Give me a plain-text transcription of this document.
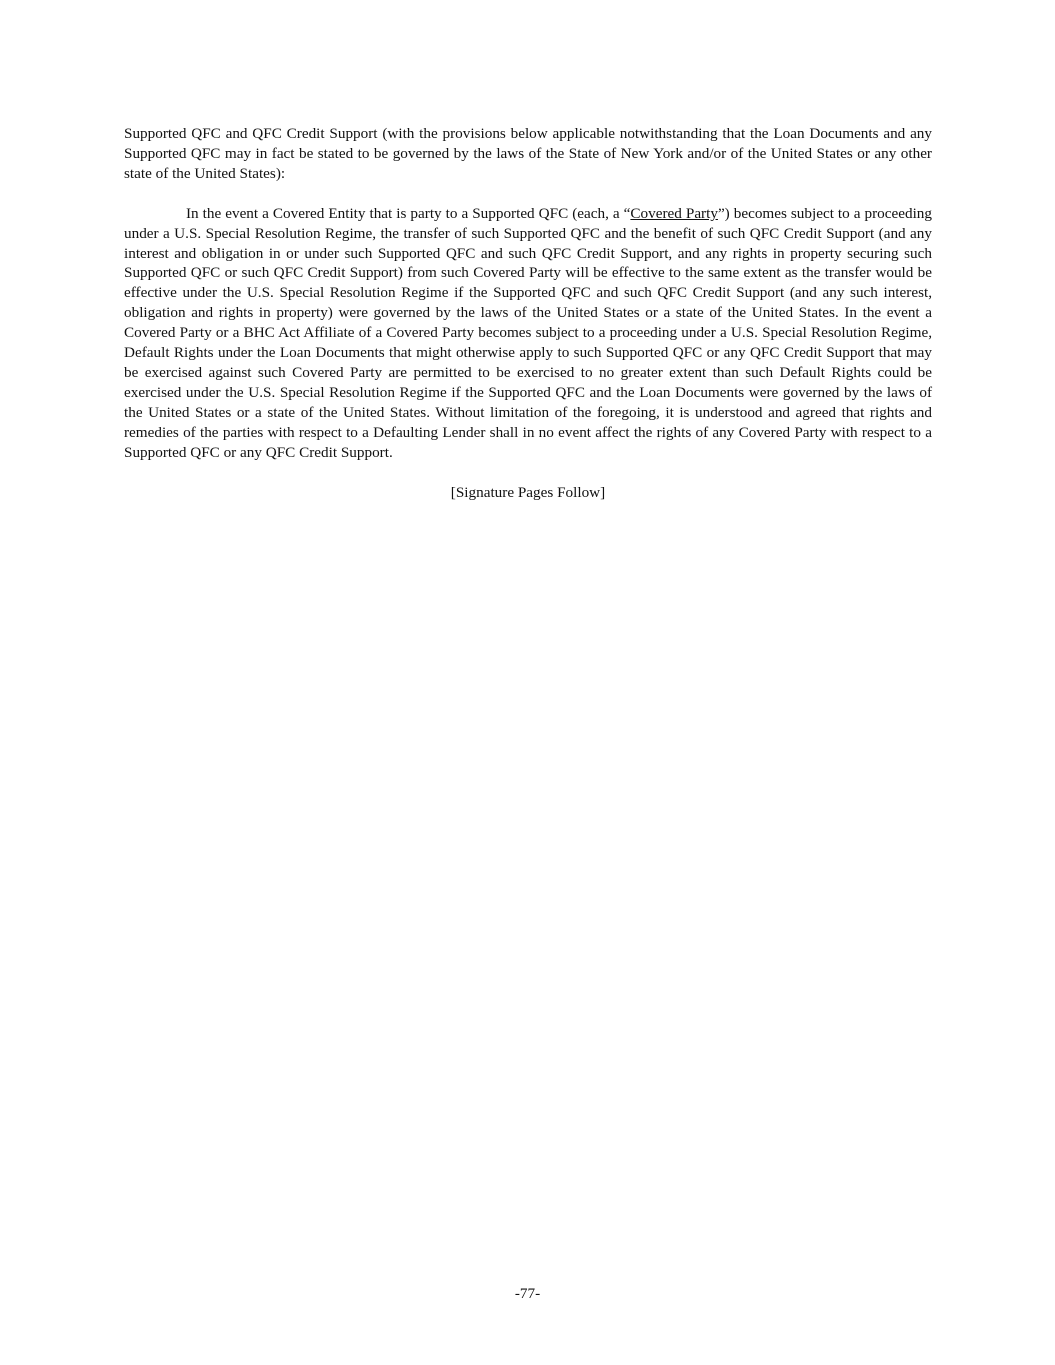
Supported QFC and QFC Credit Support (with the provisions below applicable notwithstanding that the Loan Documents and any Supported QFC may in fact be stated to be governed by the laws of the State of New York and/or of the United States or any other state of the United States):

In the event a Covered Entity that is party to a Supported QFC (each, a “Covered Party”) becomes subject to a proceeding under a U.S. Special Resolution Regime, the transfer of such Supported QFC and the benefit of such QFC Credit Support (and any interest and obligation in or under such Supported QFC and such QFC Credit Support, and any rights in property securing such Supported QFC or such QFC Credit Support) from such Covered Party will be effective to the same extent as the transfer would be effective under the U.S. Special Resolution Regime if the Supported QFC and such QFC Credit Support (and any such interest, obligation and rights in property) were governed by the laws of the United States or a state of the United States. In the event a Covered Party or a BHC Act Affiliate of a Covered Party becomes subject to a proceeding under a U.S. Special Resolution Regime, Default Rights under the Loan Documents that might otherwise apply to such Supported QFC or any QFC Credit Support that may be exercised against such Covered Party are permitted to be exercised to no greater extent than such Default Rights could be exercised under the U.S. Special Resolution Regime if the Supported QFC and the Loan Documents were governed by the laws of the United States or a state of the United States. Without limitation of the foregoing, it is understood and agreed that rights and remedies of the parties with respect to a Defaulting Lender shall in no event affect the rights of any Covered Party with respect to a Supported QFC or any QFC Credit Support.

[Signature Pages Follow]

-77-
